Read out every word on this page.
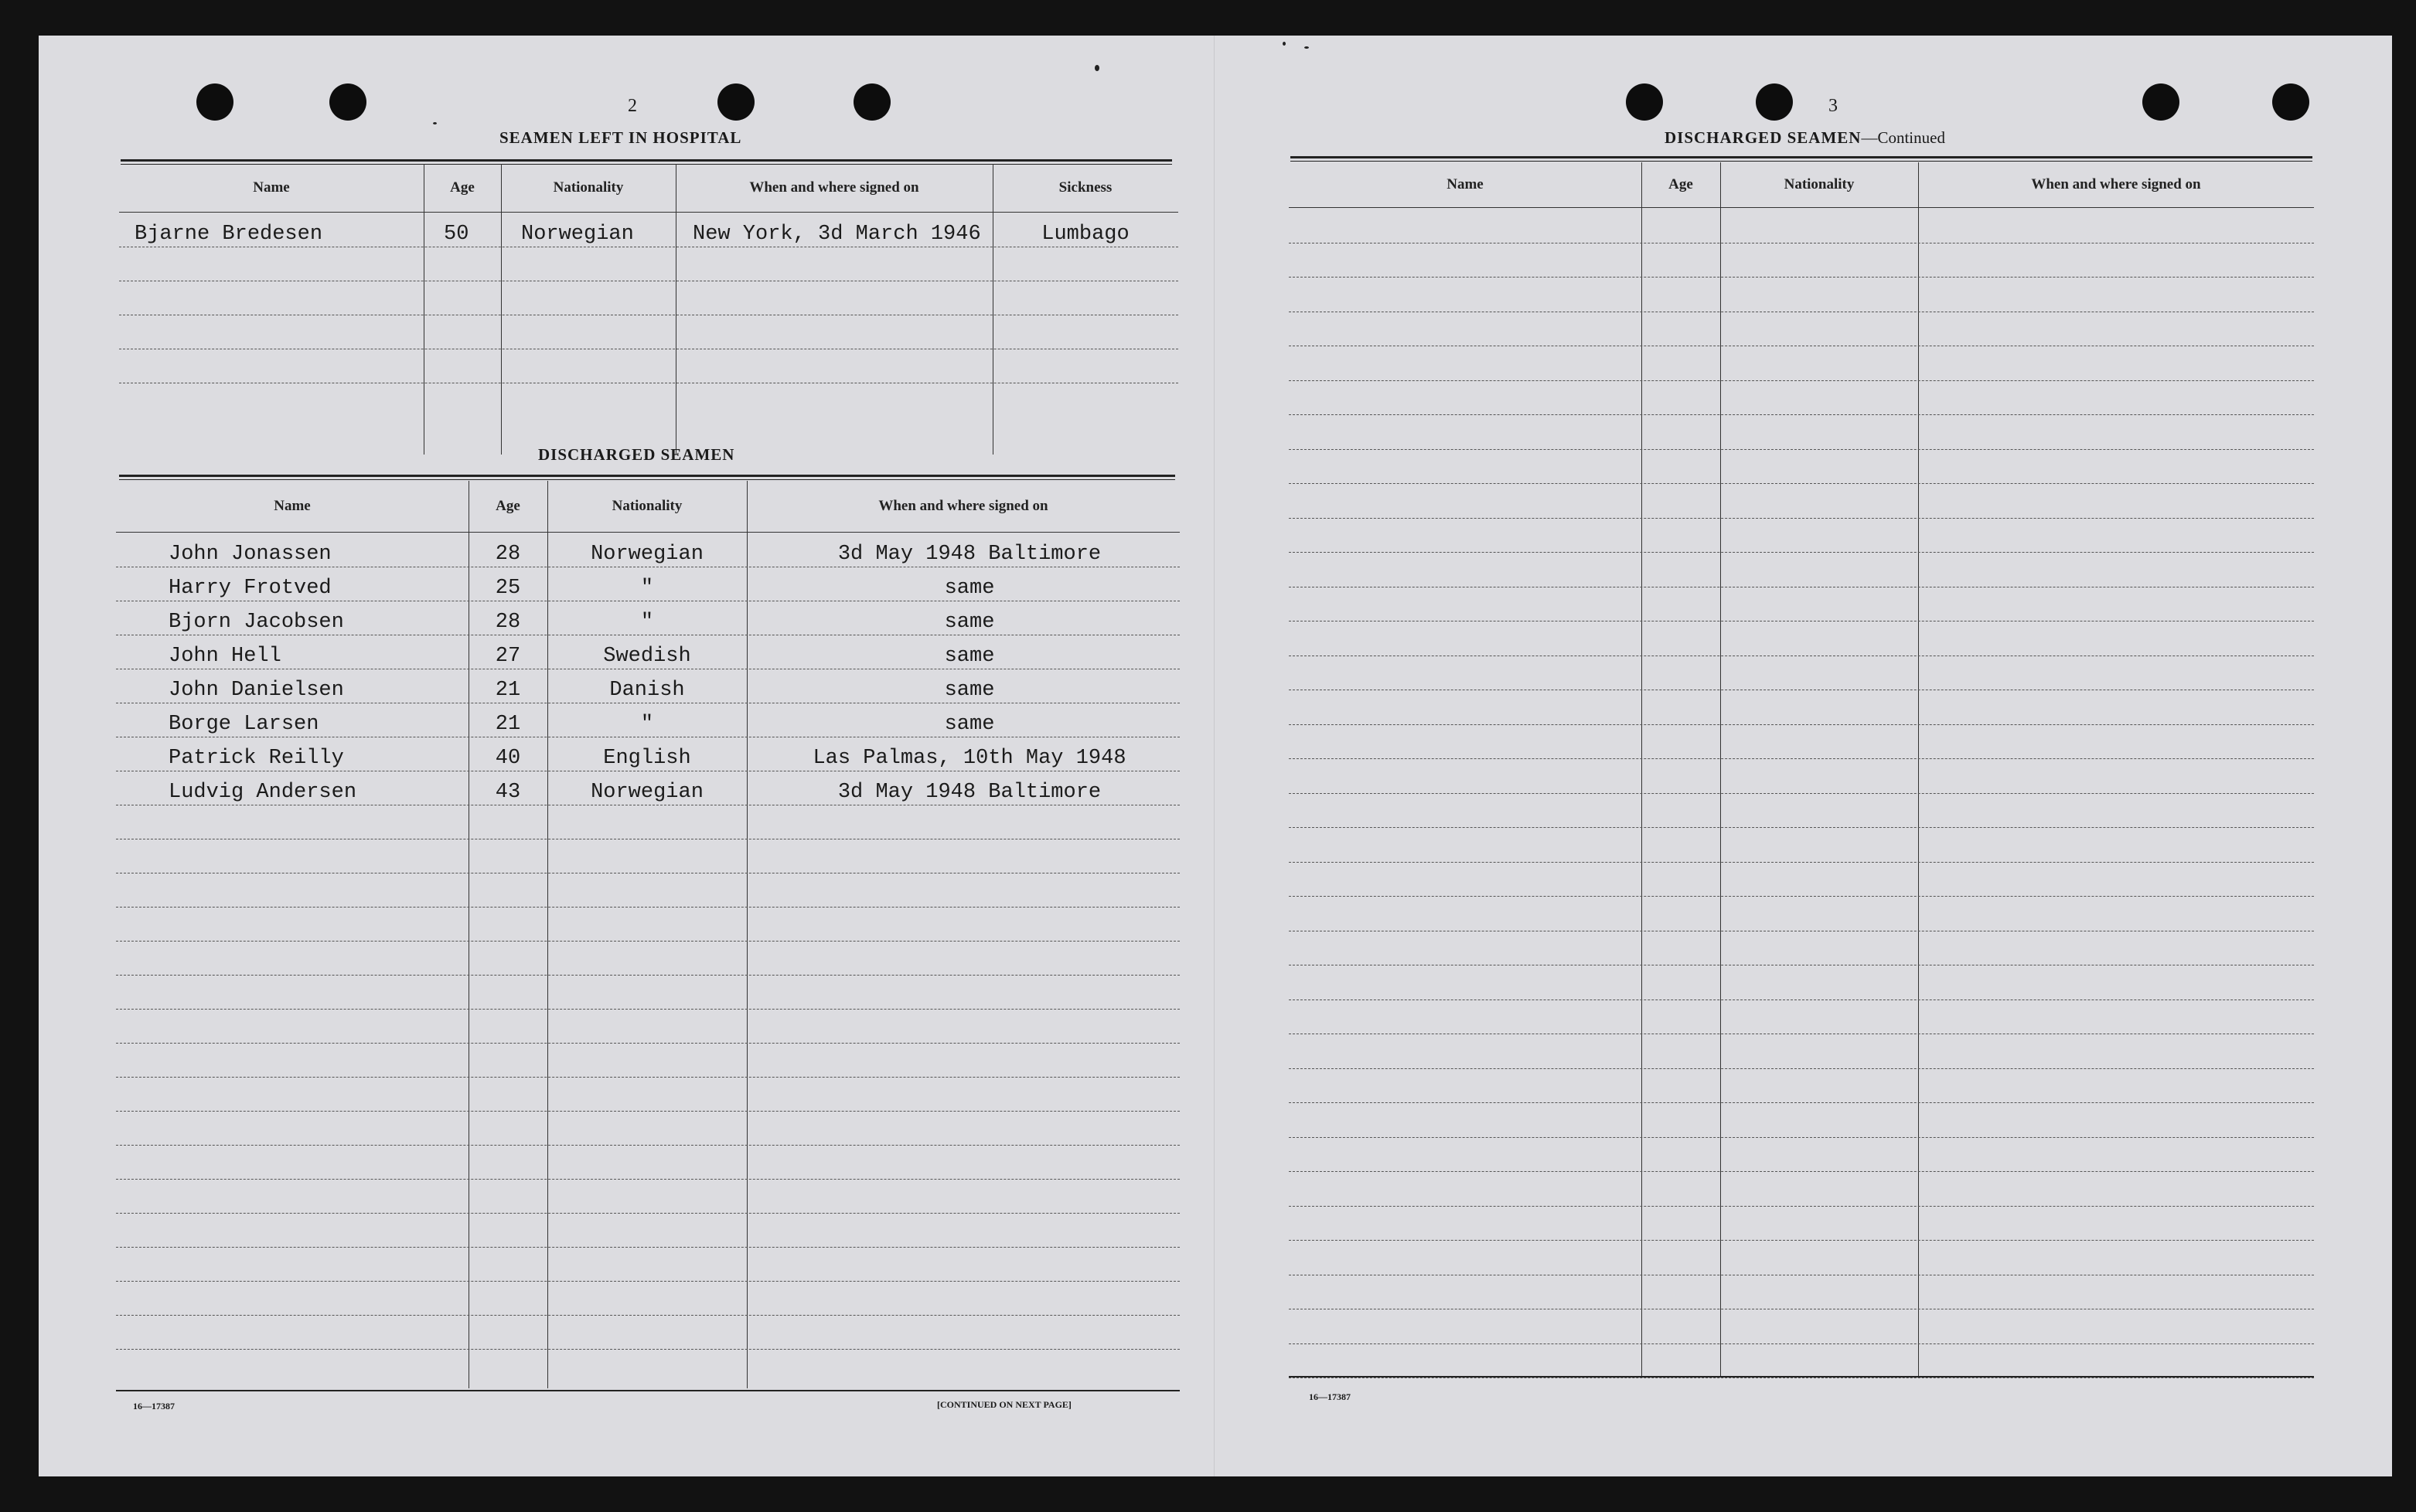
2
SEAMEN LEFT IN HOSPITAL
Name	Age	Nationality	When and where signed on	Sickness
Bjarne Bredesen	50	Norwegian	New York, 3d March 1946	Lumbago
DISCHARGED SEAMEN
Name	Age	Nationality	When and where signed on
John Jonassen	28	Norwegian	3d May 1948 Baltimore
Harry Frotved	25	"	same
Bjorn Jacobsen	28	"	same
John Hell	27	Swedish	same
John Danielsen	21	Danish	same
Borge Larsen	21	"	same
Patrick Reilly	40	English	Las Palmas, 10th May 1948
Ludvig Andersen	43	Norwegian	3d May 1948 Baltimore
16—17387	[CONTINUED ON NEXT PAGE]
3
DISCHARGED SEAMEN—Continued
Name	Age	Nationality	When and where signed on
16—17387
